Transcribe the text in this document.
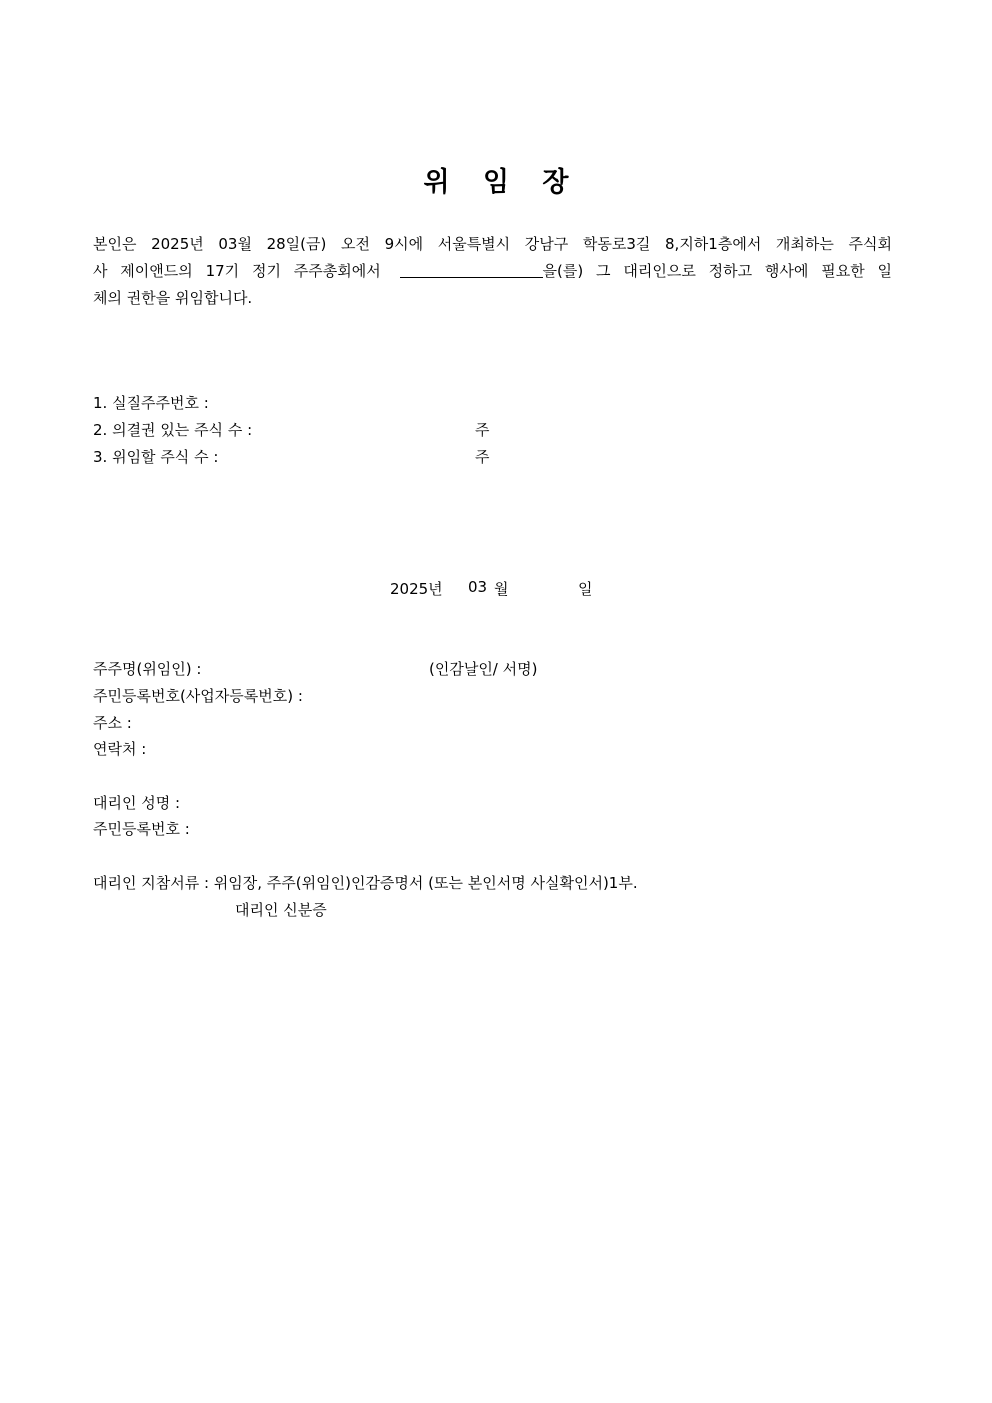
위 임 장
본인은 2025년 03월 28일(금) 오전 9시에 서울특별시 강남구 학동로3길 8,지하1층에서 개최하는 주식회
사 제이앤드의 17기 정기 주주총회에서	을(를) 그 대리인으로 정하고 행사에 필요한 일
체의 권한을 위임합니다.
1. 실질주주번호 :
2. 의결권 있는 주식 수 :	주
3. 위임할 주식 수 :	주
2025년 03 월	일
주주명(위임인) :	(인감날인/ 서명)
주민등록번호(사업자등록번호) :
주소 :
연락처 :
대리인 성명 :
주민등록번호 :
대리인 지참서류 : 위임장, 주주(위임인)인감증명서 (또는 본인서명 사실확인서)1부.
대리인 신분증
